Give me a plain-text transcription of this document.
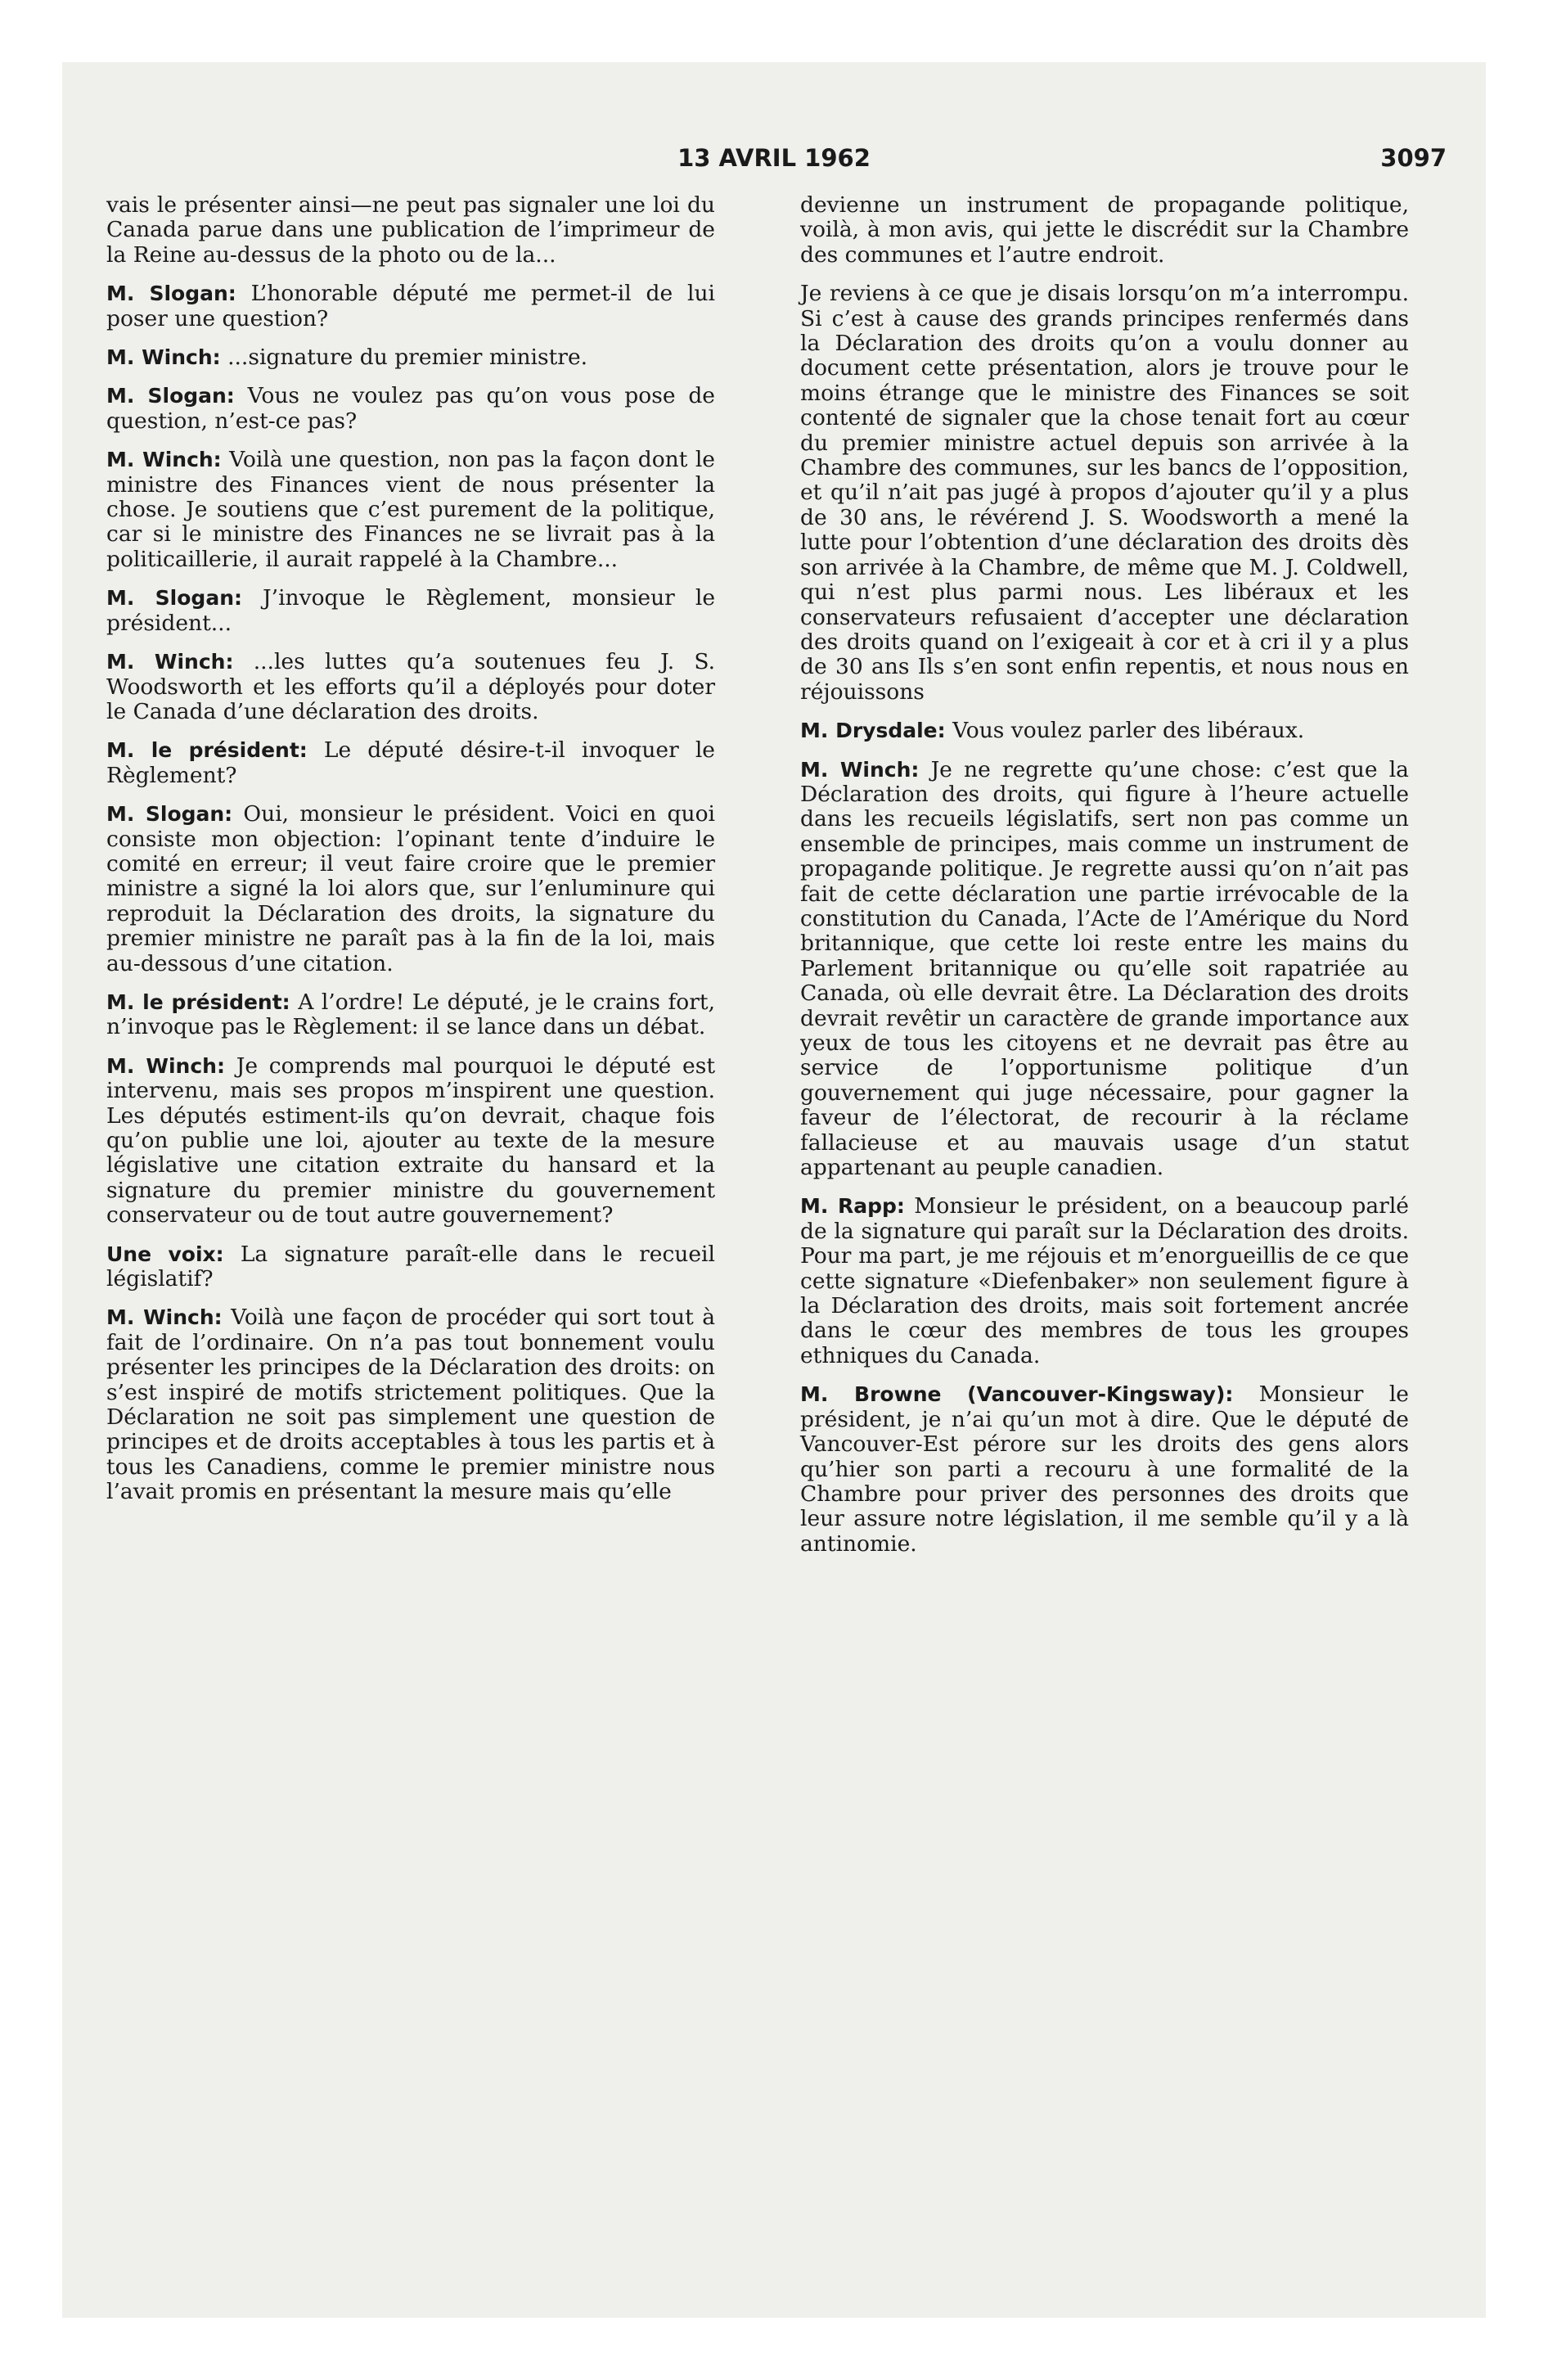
13 AVRIL 1962	3097

vais le présenter ainsi—ne peut pas signaler une loi du Canada parue dans une publication de l’imprimeur de la Reine au-dessus de la photo ou de la...

M. Slogan: L’honorable député me permet-il de lui poser une question?

M. Winch: ...signature du premier ministre.

M. Slogan: Vous ne voulez pas qu’on vous pose de question, n’est-ce pas?

M. Winch: Voilà une question, non pas la façon dont le ministre des Finances vient de nous présenter la chose. Je soutiens que c’est purement de la politique, car si le ministre des Finances ne se livrait pas à la politicaillerie, il aurait rappelé à la Chambre...

M. Slogan: J’invoque le Règlement, monsieur le président...

M. Winch: ...les luttes qu’a soutenues feu J. S. Woodsworth et les efforts qu’il a déployés pour doter le Canada d’une déclaration des droits.

M. le président: Le député désire-t-il invoquer le Règlement?

M. Slogan: Oui, monsieur le président. Voici en quoi consiste mon objection: l’opinant tente d’induire le comité en erreur; il veut faire croire que le premier ministre a signé la loi alors que, sur l’enluminure qui reproduit la Déclaration des droits, la signature du premier ministre ne paraît pas à la fin de la loi, mais au-dessous d’une citation.

M. le président: A l’ordre! Le député, je le crains fort, n’invoque pas le Règlement: il se lance dans un débat.

M. Winch: Je comprends mal pourquoi le député est intervenu, mais ses propos m’inspirent une question. Les députés estiment-ils qu’on devrait, chaque fois qu’on publie une loi, ajouter au texte de la mesure législative une citation extraite du hansard et la signature du premier ministre du gouvernement conservateur ou de tout autre gouvernement?

Une voix: La signature paraît-elle dans le recueil législatif?

M. Winch: Voilà une façon de procéder qui sort tout à fait de l’ordinaire. On n’a pas tout bonnement voulu présenter les principes de la Déclaration des droits: on s’est inspiré de motifs strictement politiques. Que la Déclaration ne soit pas simplement une question de principes et de droits acceptables à tous les partis et à tous les Canadiens, comme le premier ministre nous l’avait promis en présentant la mesure mais qu’elle

devienne un instrument de propagande politique, voilà, à mon avis, qui jette le discrédit sur la Chambre des communes et l’autre endroit.

Je reviens à ce que je disais lorsqu’on m’a interrompu. Si c’est à cause des grands principes renfermés dans la Déclaration des droits qu’on a voulu donner au document cette présentation, alors je trouve pour le moins étrange que le ministre des Finances se soit contenté de signaler que la chose tenait fort au cœur du premier ministre actuel depuis son arrivée à la Chambre des communes, sur les bancs de l’opposition, et qu’il n’ait pas jugé à propos d’ajouter qu’il y a plus de 30 ans, le révérend J. S. Woodsworth a mené la lutte pour l’obtention d’une déclaration des droits dès son arrivée à la Chambre, de même que M. J. Coldwell, qui n’est plus parmi nous. Les libéraux et les conservateurs refusaient d’accepter une déclaration des droits quand on l’exigeait à cor et à cri il y a plus de 30 ans Ils s’en sont enfin repentis, et nous nous en réjouissons

M. Drysdale: Vous voulez parler des libéraux.

M. Winch: Je ne regrette qu’une chose: c’est que la Déclaration des droits, qui figure à l’heure actuelle dans les recueils législatifs, sert non pas comme un ensemble de principes, mais comme un instrument de propagande politique. Je regrette aussi qu’on n’ait pas fait de cette déclaration une partie irrévocable de la constitution du Canada, l’Acte de l’Amérique du Nord britannique, que cette loi reste entre les mains du Parlement britannique ou qu’elle soit rapatriée au Canada, où elle devrait être. La Déclaration des droits devrait revêtir un caractère de grande importance aux yeux de tous les citoyens et ne devrait pas être au service de l’opportunisme politique d’un gouvernement qui juge nécessaire, pour gagner la faveur de l’électorat, de recourir à la réclame fallacieuse et au mauvais usage d’un statut appartenant au peuple canadien.

M. Rapp: Monsieur le président, on a beaucoup parlé de la signature qui paraît sur la Déclaration des droits. Pour ma part, je me réjouis et m’enorgueillis de ce que cette signature «Diefenbaker» non seulement figure à la Déclaration des droits, mais soit fortement ancrée dans le cœur des membres de tous les groupes ethniques du Canada.

M. Browne (Vancouver-Kingsway): Monsieur le président, je n’ai qu’un mot à dire. Que le député de Vancouver-Est pérore sur les droits des gens alors qu’hier son parti a recouru à une formalité de la Chambre pour priver des personnes des droits que leur assure notre législation, il me semble qu’il y a là antinomie.
